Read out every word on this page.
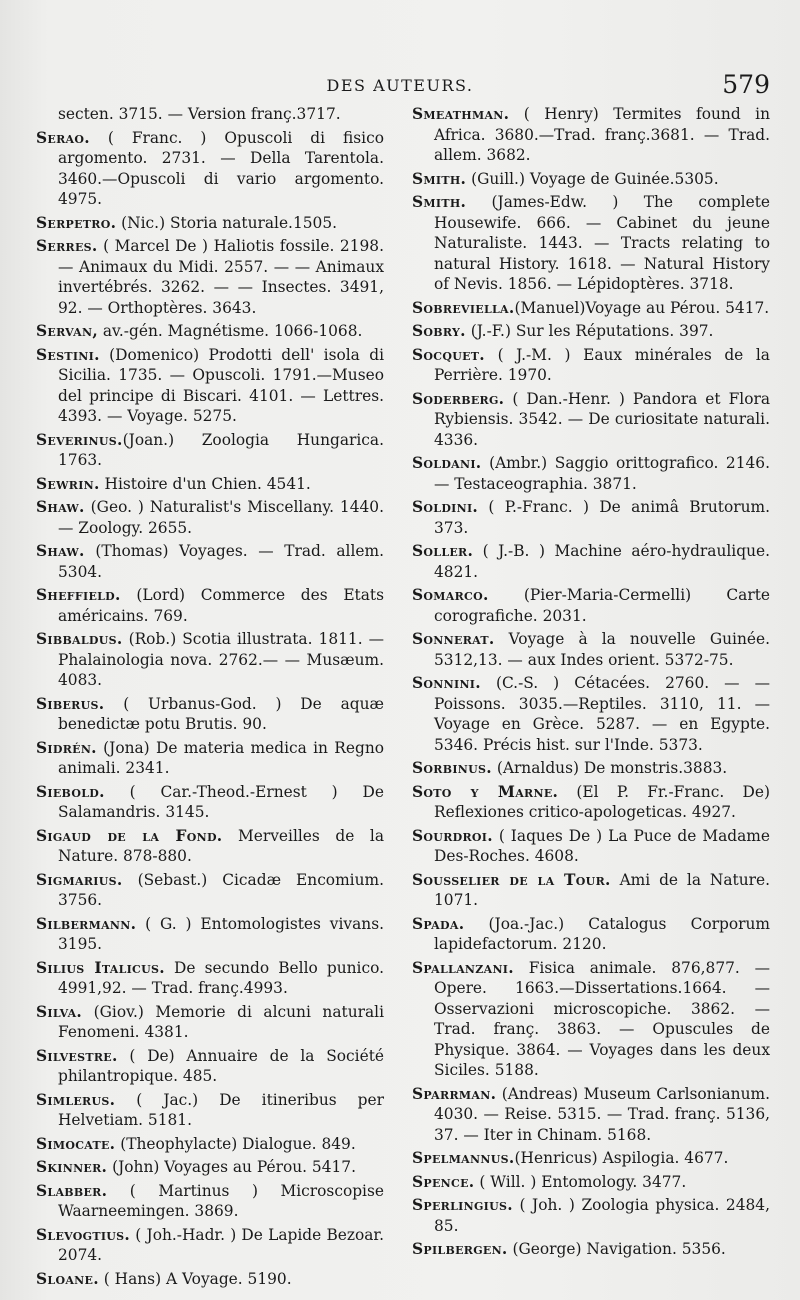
DES AUTEURS.	579

secten. 3715. — Version franç.3717.

Serao. ( Franc. ) Opuscoli di fisico argomento. 2731. — Della Tarentola. 3460.—Opuscoli di vario argomento. 4975.

Serpetro. (Nic.) Storia naturale.1505.

Serres. ( Marcel De ) Haliotis fossile. 2198. — Animaux du Midi. 2557. — — Animaux invertébrés. 3262. — — Insectes. 3491, 92. — Orthoptères. 3643.

Servan, av.-gén. Magnétisme. 1066-1068.

Sestini. (Domenico) Prodotti dell' isola di Sicilia. 1735. — Opuscoli. 1791.—Museo del principe di Biscari. 4101. — Lettres. 4393. — Voyage. 5275.

Severinus.(Joan.) Zoologia Hungarica. 1763.

Sewrin. Histoire d'un Chien. 4541.

Shaw. (Geo. ) Naturalist's Miscellany. 1440. — Zoology. 2655.

Shaw. (Thomas) Voyages. — Trad. allem. 5304.

Sheffield. (Lord) Commerce des Etats américains. 769.

Sibbaldus. (Rob.) Scotia illustrata. 1811. — Phalainologia nova. 2762.— — Musæum. 4083.

Siberus. ( Urbanus-God. ) De aquæ benedictæ potu Brutis. 90.

Sidrén. (Jona) De materia medica in Regno animali. 2341.

Siebold. ( Car.-Theod.-Ernest ) De Salamandris. 3145.

Sigaud de la Fond. Merveilles de la Nature. 878-880.

Sigmarius. (Sebast.) Cicadæ Encomium. 3756.

Silbermann. ( G. ) Entomologistes vivans. 3195.

Silius Italicus. De secundo Bello punico. 4991,92. — Trad. franç.4993.

Silva. (Giov.) Memorie di alcuni naturali Fenomeni. 4381.

Silvestre. ( De) Annuaire de la Société philantropique. 485.

Simlerus. ( Jac.) De itineribus per Helvetiam. 5181.

Simocate. (Theophylacte) Dialogue. 849.

Skinner. (John) Voyages au Pérou. 5417.

Slabber. ( Martinus ) Microscopise Waarneemingen. 3869.

Slevogtius. ( Joh.-Hadr. ) De Lapide Bezoar. 2074.

Sloane. ( Hans) A Voyage. 5190.

Smeathman. ( Henry) Termites found in Africa. 3680.—Trad. franç.3681. — Trad. allem. 3682.

Smith. (Guill.) Voyage de Guinée.5305.

Smith. (James-Edw. ) The complete Housewife. 666. — Cabinet du jeune Naturaliste. 1443. — Tracts relating to natural History. 1618. — Natural History of Nevis. 1856. — Lépidoptères. 3718.

Sobreviella.(Manuel)Voyage au Pérou. 5417.

Sobry. (J.-F.) Sur les Réputations. 397.

Socquet. ( J.-M. ) Eaux minérales de la Perrière. 1970.

Soderberg. ( Dan.-Henr. ) Pandora et Flora Rybiensis. 3542. — De curiositate naturali. 4336.

Soldani. (Ambr.) Saggio orittografico. 2146. — Testaceographia. 3871.

Soldini. ( P.-Franc. ) De animâ Brutorum. 373.

Soller. ( J.-B. ) Machine aéro-hydraulique. 4821.

Somarco. (Pier-Maria-Cermelli) Carte corografiche. 2031.

Sonnerat. Voyage à la nouvelle Guinée. 5312,13. — aux Indes orient. 5372-75.

Sonnini. (C.-S. ) Cétacées. 2760. — —Poissons. 3035.—Reptiles. 3110, 11. — Voyage en Grèce. 5287. — en Egypte. 5346. Précis hist. sur l'Inde. 5373.

Sorbinus. (Arnaldus) De monstris.3883.

Soto y Marne. (El P. Fr.-Franc. De) Reflexiones critico-apologeticas. 4927.

Sourdroi. ( Iaques De ) La Puce de Madame Des-Roches. 4608.

Sousselier de la Tour. Ami de la Nature. 1071.

Spada. (Joa.-Jac.) Catalogus Corporum lapidefactorum. 2120.

Spallanzani. Fisica animale. 876,877. — Opere. 1663.—Dissertations.1664. — Osservazioni microscopiche. 3862. — Trad. franç. 3863. — Opuscules de Physique. 3864. — Voyages dans les deux Siciles. 5188.

Sparrman. (Andreas) Museum Carlsonianum. 4030. — Reise. 5315. — Trad. franç. 5136, 37. — Iter in Chinam. 5168.

Spelmannus.(Henricus) Aspilogia. 4677.

Spence. ( Will. ) Entomology. 3477.

Sperlingius. ( Joh. ) Zoologia physica. 2484, 85.

Spilbergen. (George) Navigation. 5356.
